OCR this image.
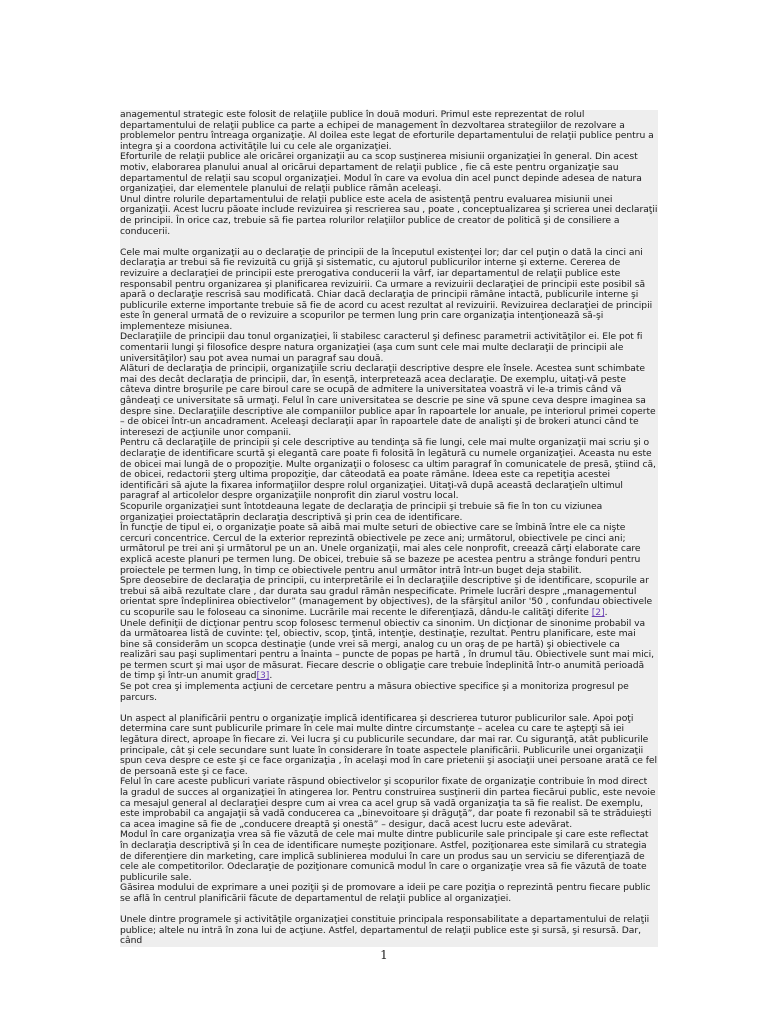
anagementul strategic este folosit de relaţiile publice în două moduri. Primul este reprezentat de rolul departamentului de relaţii publice ca parte a echipei de management în dezvoltarea strategiilor de rezolvare a problemelor pentru întreaga organizaţie. Al doilea este legat de eforturile departamentului de relaţii publice pentru a integra şi a coordona activităţile lui cu cele ale organizaţiei.

Eforturile de relaţii publice ale oricărei organizaţii au ca scop susţinerea misiunii organizaţiei în general. Din acest motiv, elaborarea planului anual al oricărui departament de relaţii publice , fie că este pentru organizaţie sau departamentul de relaţii sau scopul organizaţiei. Modul în care va evolua din acel punct depinde adesea de natura organizaţiei, dar elementele planului de relaţii publice rămân aceleaşi.

Unul dintre rolurile departamentului de relaţii publice este acela de asistenţă pentru evaluarea misiunii unei organizaţii. Acest lucru păoate include revizuirea şi rescrierea sau , poate , conceptualizarea şi scrierea unei declaraţii de principii. În orice caz, trebuie să fie partea rolurilor relaţiilor publice de creator de politică şi de consiliere a conducerii.

Cele mai multe organizaţii au o declaraţie de principii de la începutul existenţei lor; dar cel puţin o dată la cinci ani declaraţia ar trebui să fie revizuită cu grijă şi sistematic, cu ajutorul publicurilor interne şi externe. Cererea de revizuire a declaraţiei de principii este prerogativa conducerii la vârf, iar departamentul de relaţii publice este responsabil pentru organizarea şi planificarea revizuirii. Ca urmare a revizuirii declaraţiei de principii este posibil să apară o declaraţie rescrisă sau modificată. Chiar dacă declaraţia de principii rămâne intactă, publicurile interne şi publicurile externe importante trebuie să fie de acord cu acest rezultat al revizuirii. Revizuirea declaraţiei de principii este în general urmată de o revizuire a scopurilor pe termen lung prin care organizaţia intenţionează să-şi implementeze misiunea.

Declaraţiile de principii dau tonul organizaţiei, îi stabilesc caracterul şi definesc parametrii activităţilor ei. Ele pot fi comentarii lungi şi filosofice despre natura organizaţiei (aşa cum sunt cele mai multe declaraţii de principii ale universităţilor) sau pot avea numai un paragraf sau două.

Alături de declaraţia de principii, organizaţiile scriu declaraţii descriptive despre ele însele. Acestea sunt schimbate mai des decât declaraţia de principii, dar, în esenţă, interpretează acea declaraţie. De exemplu, uitaţi-vă peste câteva dintre broşurile pe care biroul care se ocupă de admitere la universitatea voastră vi le-a trimis când vă gândeaţi ce universitate să urmaţi. Felul în care universitatea se descrie pe sine vă spune ceva despre imaginea sa despre sine. Declaraţiile descriptive ale companiilor publice apar în rapoartele lor anuale, pe interiorul primei coperte – de obicei într-un ancadrament. Aceleaşi declaraţii apar în rapoartele date de analişti şi de brokeri atunci când te interesezi de acţiunile unor companii.

Pentru că declaraţiile de principii şi cele descriptive au tendinţa să fie lungi, cele mai multe organizaţii mai scriu şi o declaraţie de identificare scurtă şi elegantă care poate fi folosită în legătură cu numele organizaţiei. Aceasta nu este de obicei mai lungă de o propoziţie. Multe organizaţii o folosesc ca ultim paragraf în comunicatele de presă, ştiind că, de obicei, redactorii şterg ultima propoziţie, dar câteodată ea poate rămâne. Ideea este ca repetiţia acestei identificări să ajute la fixarea informaţiilor despre rolul organizaţiei. Uitaţi-vă după această declaraţieîn ultimul paragraf al articolelor despre organizaţiile nonprofit din ziarul vostru local.

Scopurile organizaţiei sunt întotdeauna legate de declaraţia de principii şi trebuie să fie în ton cu viziunea organizaţiei proiectatăprin declaraţia descriptivă şi prin cea de identificare.

În funcţie de tipul ei, o organizaţie poate să aibă mai multe seturi de obiective care se îmbină între ele ca nişte cercuri concentrice. Cercul de la exterior reprezintă obiectivele pe zece ani; următorul, obiectivele pe cinci ani; următorul pe trei ani şi următorul pe un an. Unele organizaţii, mai ales cele nonprofit, creează cărţi elaborate care explică aceste planuri pe termen lung. De obicei, trebuie să se bazeze pe acestea pentru a strânge fonduri pentru proiectele pe termen lung, în timp ce obiectivele pentru anul următor intră într-un buget deja stabilit.

Spre deosebire de declaraţia de principii, cu interpretările ei în declaraţiile descriptive şi de identificare, scopurile ar trebui să aibă rezultate clare , dar durata sau gradul rămân nespecificate. Primele lucrări despre „managementul orientat spre îndeplinirea obiectivelor” (management by objectives), de la sfârşitul anilor '50 , confundau obiectivele cu scopurile sau le foloseau ca sinonime. Lucrările mai recente le diferenţiază, dându-le calităţi diferite [2].

Unele definiţii de dicţionar pentru scop folosesc termenul obiectiv ca sinonim. Un dicţionar de sinonime probabil va da următoarea listă de cuvinte: ţel, obiectiv, scop, ţintă, intenţie, destinaţie, rezultat. Pentru planificare, este mai bine să considerăm un scopca destinaţie (unde vrei să mergi, analog cu un oraş de pe hartă) şi obiectivele ca realizări sau paşi suplimentari pentru a înainta – puncte de popas pe hartă , în drumul tău. Obiectivele sunt mai mici, pe termen scurt şi mai uşor de măsurat. Fiecare descrie o obligaţie care trebuie îndeplinită într-o anumită perioadă de timp şi într-un anumit grad[3].

Se pot crea şi implementa acţiuni de cercetare pentru a măsura obiective specifice şi a monitoriza progresul pe parcurs.

Un aspect al planificării pentru o organizaţie implică identificarea şi descrierea tuturor publicurilor sale. Apoi poţi determina care sunt publicurile primare în cele mai multe dintre circumstanţe – acelea cu care te aştepţi să iei legătura direct, aproape în fiecare zi. Vei lucra şi cu publicurile secundare, dar mai rar. Cu siguranţă, atât publicurile principale, cât şi cele secundare sunt luate în considerare în toate aspectele planificării. Publicurile unei organizaţii spun ceva despre ce este şi ce face organizaţia , în acelaşi mod în care prietenii şi asociaţii unei persoane arată ce fel de persoană este şi ce face.

Felul în care aceste publicuri variate răspund obiectivelor şi scopurilor fixate de organizaţie contribuie în mod direct la gradul de succes al organizaţiei în atingerea lor. Pentru construirea susţinerii din partea fiecărui public, este nevoie ca mesajul general al declaraţiei despre cum ai vrea ca acel grup să vadă organizaţia ta să fie realist. De exemplu, este improbabil ca angajaţii să vadă conducerea ca „binevoitoare şi drăguţă”, dar poate fi rezonabil să te străduieşti ca acea imagine să fie de „conducere dreaptă şi onestă” – desigur, dacă acest lucru este adevărat.

Modul în care organizaţia vrea să fie văzută de cele mai multe dintre publicurile sale principale şi care este reflectat în declaraţia descriptivă şi în cea de identificare numeşte poziţionare. Astfel, poziţionarea este similară cu strategia de diferenţiere din marketing, care implică sublinierea modului în care un produs sau un serviciu se diferenţiază de cele ale competitorilor. Odeclaraţie de poziţionare comunică modul în care o organizaţie vrea să fie văzută de toate publicurile sale.

Găsirea modului de exprimare a unei poziţii şi de promovare a ideii pe care poziţia o reprezintă pentru fiecare public se află în centrul planificării făcute de departamentul de relaţii publice al organizaţiei.

Unele dintre programele şi activităţile organizaţiei constituie principala responsabilitate a departamentului de relaţii publice; altele nu intră în zona lui de acţiune. Astfel, departamentul de relaţii publice este şi sursă, şi resursă. Dar, când

1
